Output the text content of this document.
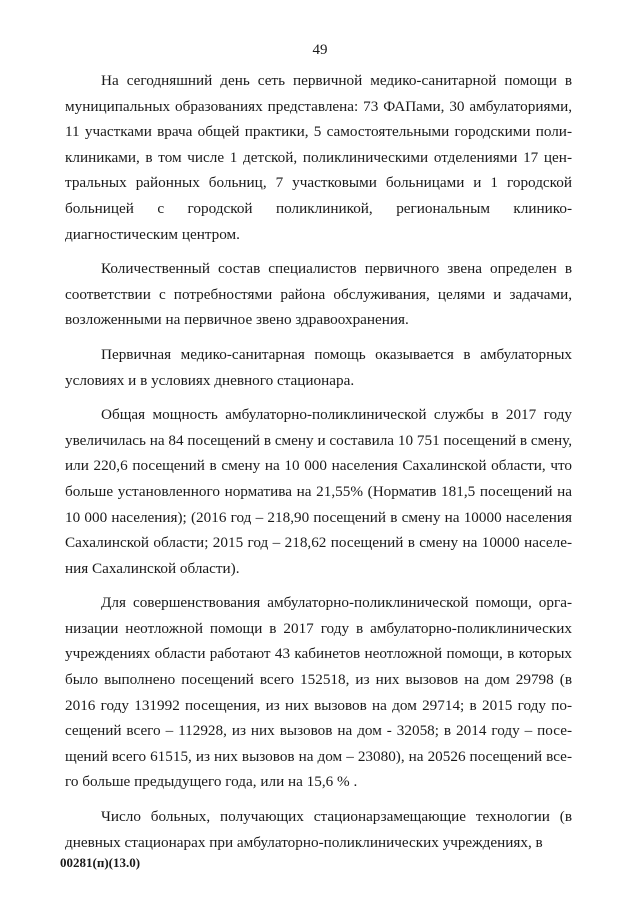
49

На сегодняшний день сеть первичной медико-санитарной помощи в муниципальных образованиях представлена: 73 ФАПами, 30 амбулаториями, 11 участками врача общей практики, 5 самостоятельными городскими поликлиниками, в том числе 1 детской, поликлиническими отделениями 17 центральных районных больниц, 7 участковыми больницами и 1 городской больницей с городской поликлиникой, региональным клинико-диагностическим центром.

Количественный состав специалистов первичного звена определен в соответствии с потребностями района обслуживания, целями и задачами, возложенными на первичное звено здравоохранения.

Первичная медико-санитарная помощь оказывается в амбулаторных условиях и в условиях дневного стационара.

Общая мощность амбулаторно-поликлинической службы в 2017 году увеличилась на 84 посещений в смену и составила 10 751 посещений в смену, или 220,6 посещений в смену на 10 000 населения Сахалинской области, что больше установленного норматива на 21,55% (Норматив 181,5 посещений на 10 000 населения); (2016 год – 218,90 посещений в смену на 10000 населения Сахалинской области; 2015 год – 218,62 посещений в смену на 10000 населения Сахалинской области).

Для совершенствования амбулаторно-поликлинической помощи, организации неотложной помощи в 2017 году в амбулаторно-поликлинических учреждениях области работают 43 кабинетов неотложной помощи, в которых было выполнено посещений всего 152518, из них вызовов на дом 29798 (в 2016 году 131992 посещения, из них вызовов на дом 29714; в 2015 году посещений всего – 112928, из них вызовов на дом - 32058; в 2014 году – посещений всего 61515, из них вызовов на дом – 23080), на 20526 посещений всего больше предыдущего года, или на 15,6 % .

Число больных, получающих стационарзамещающие технологии (в дневных стационарах при амбулаторно-поликлинических учреждениях, в

00281(п)(13.0)
